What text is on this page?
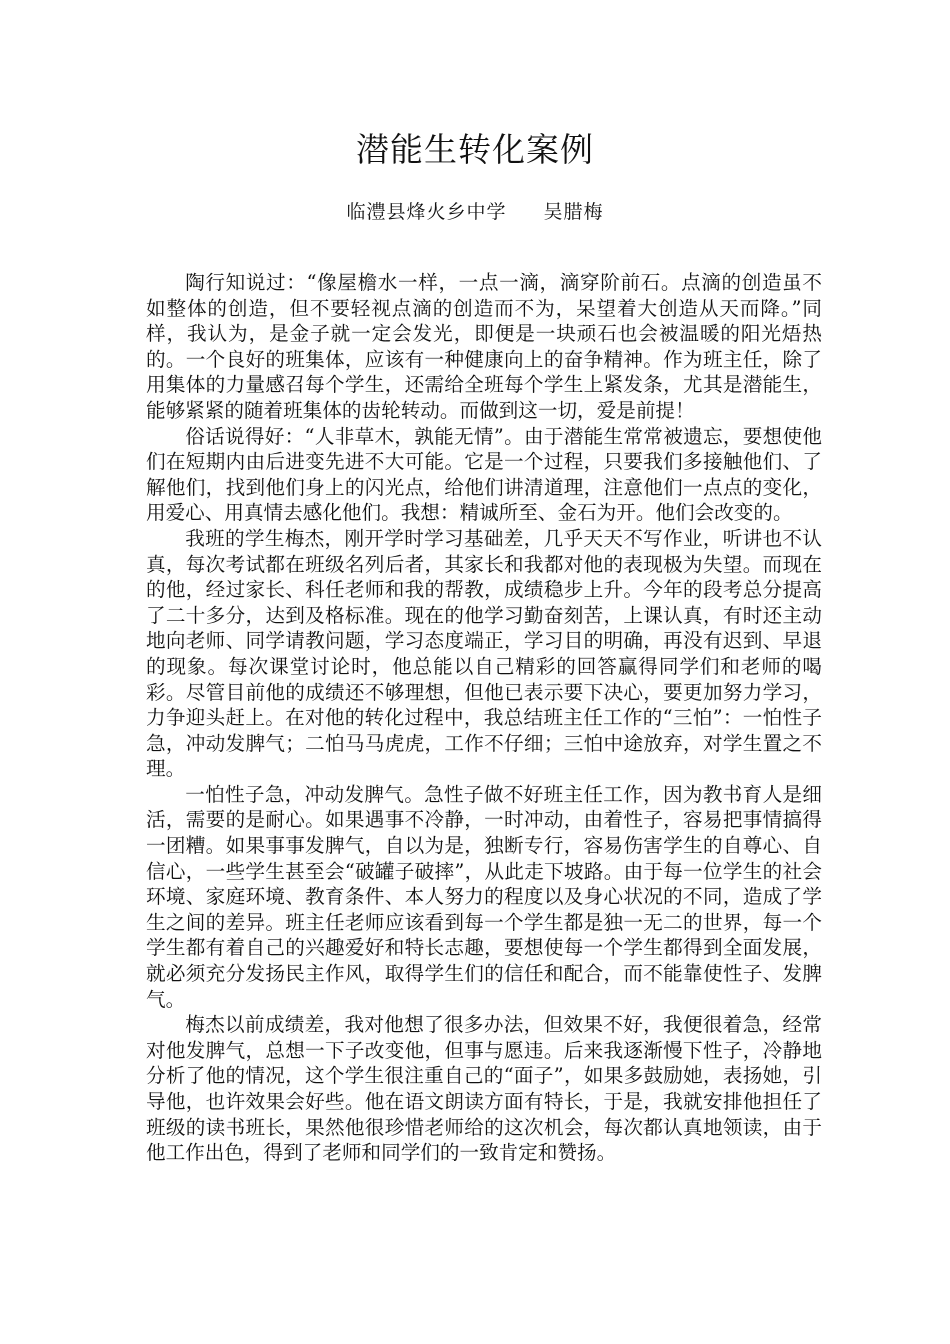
潜能生转化案例
临澧县烽火乡中学 吴腊梅

陶行知说过：“像屋檐水一样，一点一滴，滴穿阶前石。点滴的创造虽不如整体的创造，但不要轻视点滴的创造而不为，呆望着大创造从天而降。”同样，我认为，是金子就一定会发光，即便是一块顽石也会被温暖的阳光焐热的。一个良好的班集体，应该有一种健康向上的奋争精神。作为班主任，除了用集体的力量感召每个学生，还需给全班每个学生上紧发条，尤其是潜能生，能够紧紧的随着班集体的齿轮转动。而做到这一切，爱是前提！

俗话说得好：“人非草木，孰能无情”。由于潜能生常常被遗忘，要想使他们在短期内由后进变先进不大可能。它是一个过程，只要我们多接触他们、了解他们，找到他们身上的闪光点，给他们讲清道理，注意他们一点点的变化，用爱心、用真情去感化他们。我想：精诚所至、金石为开。他们会改变的。

我班的学生梅杰，刚开学时学习基础差，几乎天天不写作业，听讲也不认真，每次考试都在班级名列后者，其家长和我都对他的表现极为失望。而现在的他，经过家长、科任老师和我的帮教，成绩稳步上升。今年的段考总分提高了二十多分，达到及格标准。现在的他学习勤奋刻苦，上课认真，有时还主动地向老师、同学请教问题，学习态度端正，学习目的明确，再没有迟到、早退的现象。每次课堂讨论时，他总能以自己精彩的回答赢得同学们和老师的喝彩。尽管目前他的成绩还不够理想，但他已表示要下决心，要更加努力学习，力争迎头赶上。在对他的转化过程中，我总结班主任工作的“三怕”：一怕性子急，冲动发脾气；二怕马马虎虎，工作不仔细；三怕中途放弃，对学生置之不理。

一怕性子急，冲动发脾气。急性子做不好班主任工作，因为教书育人是细活，需要的是耐心。如果遇事不冷静，一时冲动，由着性子，容易把事情搞得一团糟。如果事事发脾气，自以为是，独断专行，容易伤害学生的自尊心、自信心，一些学生甚至会“破罐子破摔”，从此走下坡路。由于每一位学生的社会环境、家庭环境、教育条件、本人努力的程度以及身心状况的不同，造成了学生之间的差异。班主任老师应该看到每一个学生都是独一无二的世界，每一个学生都有着自己的兴趣爱好和特长志趣，要想使每一个学生都得到全面发展，就必须充分发扬民主作风，取得学生们的信任和配合，而不能靠使性子、发脾气。

梅杰以前成绩差，我对他想了很多办法，但效果不好，我便很着急，经常对他发脾气，总想一下子改变他，但事与愿违。后来我逐渐慢下性子，冷静地分析了他的情况，这个学生很注重自己的“面子”，如果多鼓励她，表扬她，引导他，也许效果会好些。他在语文朗读方面有特长，于是，我就安排他担任了班级的读书班长，果然他很珍惜老师给的这次机会，每次都认真地领读，由于他工作出色，得到了老师和同学们的一致肯定和赞扬。
